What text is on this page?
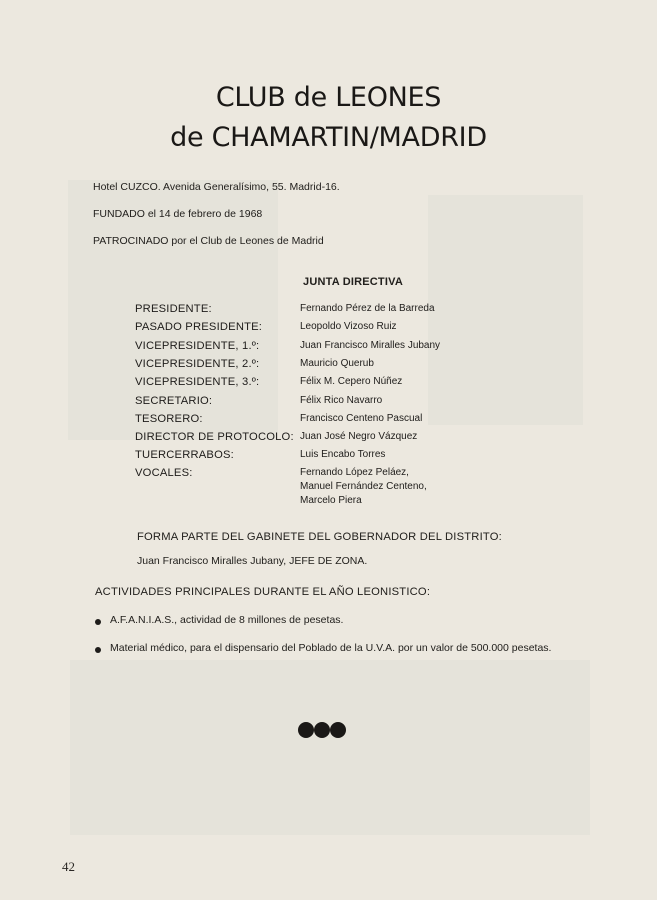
CLUB de LEONES
de CHAMARTIN/MADRID
Hotel CUZCO. Avenida Generalísimo, 55. Madrid-16.
FUNDADO el 14 de febrero de 1968
PATROCINADO por el Club de Leones de Madrid
JUNTA DIRECTIVA
PRESIDENTE:	Fernando Pérez de la Barreda
PASADO PRESIDENTE:	Leopoldo Vizoso Ruiz
VICEPRESIDENTE, 1.º:	Juan Francisco Miralles Jubany
VICEPRESIDENTE, 2.º:	Mauricio Querub
VICEPRESIDENTE, 3.º:	Félix M. Cepero Núñez
SECRETARIO:	Félix Rico Navarro
TESORERO:	Francisco Centeno Pascual
DIRECTOR DE PROTOCOLO: Juan José Negro Vázquez
TUERCERRABOS:	Luis Encabo Torres
VOCALES:	Fernando López Peláez,
Manuel Fernández Centeno,
Marcelo Piera
FORMA PARTE DEL GABINETE DEL GOBERNADOR DEL DISTRITO:
Juan Francisco Miralles Jubany, JEFE DE ZONA.
ACTIVIDADES PRINCIPALES DURANTE EL AÑO LEONISTICO:
A.F.A.N.I.A.S., actividad de 8 millones de pesetas.
Material médico, para el dispensario del Poblado de la U.V.A. por un valor de 500.000 pesetas.
42
